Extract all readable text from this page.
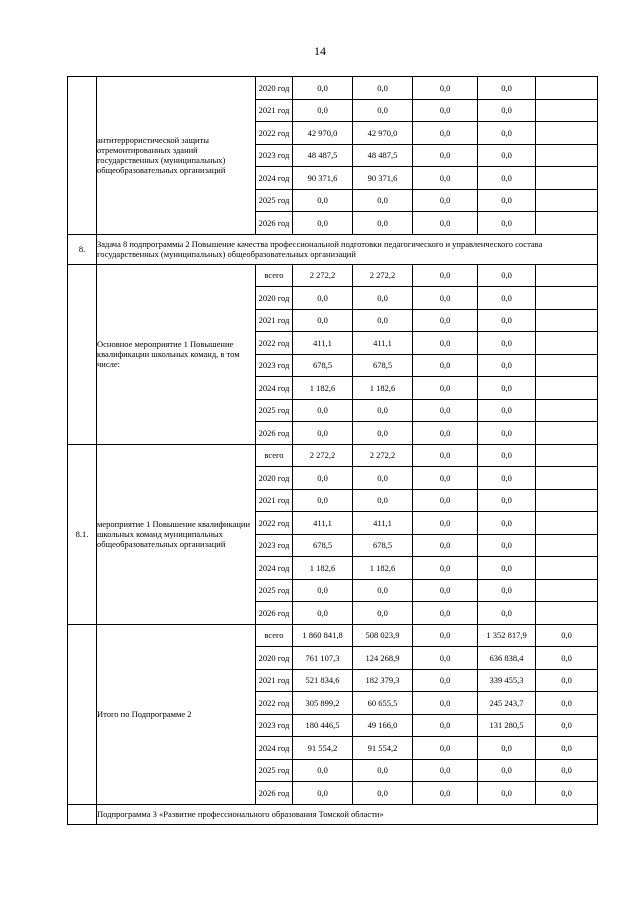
14
	антитеррористической защиты отремонтированных зданий государственных (муниципальных) общеобразовательных организаций	2020 год	0,0	0,0	0,0	0,0	
		2021 год	0,0	0,0	0,0	0,0	
		2022 год	42 970,0	42 970,0	0,0	0,0	
		2023 год	48 487,5	48 487,5	0,0	0,0	
		2024 год	90 371,6	90 371,6	0,0	0,0	
		2025 год	0,0	0,0	0,0	0,0	
		2026 год	0,0	0,0	0,0	0,0	
8.	Задача 8 подпрограммы 2 Повышение качества профессиональной подготовки педагогического и управленческого состава государственных (муниципальных) общеобразовательных организаций						
	Основное мероприятие 1 Повышение квалификации школьных команд, в том числе:	всего	2 272,2	2 272,2	0,0	0,0	
		2020 год	0,0	0,0	0,0	0,0	
		2021 год	0,0	0,0	0,0	0,0	
		2022 год	411,1	411,1	0,0	0,0	
		2023 год	678,5	678,5	0,0	0,0	
		2024 год	1 182,6	1 182,6	0,0	0,0	
		2025 год	0,0	0,0	0,0	0,0	
		2026 год	0,0	0,0	0,0	0,0	
8.1.	мероприятие 1 Повышение квалификации школьных команд муниципальных общеобразовательных организаций	всего	2 272,2	2 272,2	0,0	0,0	
		2020 год	0,0	0,0	0,0	0,0	
		2021 год	0,0	0,0	0,0	0,0	
		2022 год	411,1	411,1	0,0	0,0	
		2023 год	678,5	678,5	0,0	0,0	
		2024 год	1 182,6	1 182,6	0,0	0,0	
		2025 год	0,0	0,0	0,0	0,0	
		2026 год	0,0	0,0	0,0	0,0	
	Итого по Подпрограмме 2	всего	1 860 841,8	508 023,9	0,0	1 352 817,9	0,0
		2020 год	761 107,3	124 268,9	0,0	636 838,4	0,0
		2021 год	521 834,6	182 379,3	0,0	339 455,3	0,0
		2022 год	305 899,2	60 655,5	0,0	245 243,7	0,0
		2023 год	180 446,5	49 166,0	0,0	131 280,5	0,0
		2024 год	91 554,2	91 554,2	0,0	0,0	0,0
		2025 год	0,0	0,0	0,0	0,0	0,0
		2026 год	0,0	0,0	0,0	0,0	0,0
	Подпрограмма 3 «Развитие профессионального образования Томской области»						
